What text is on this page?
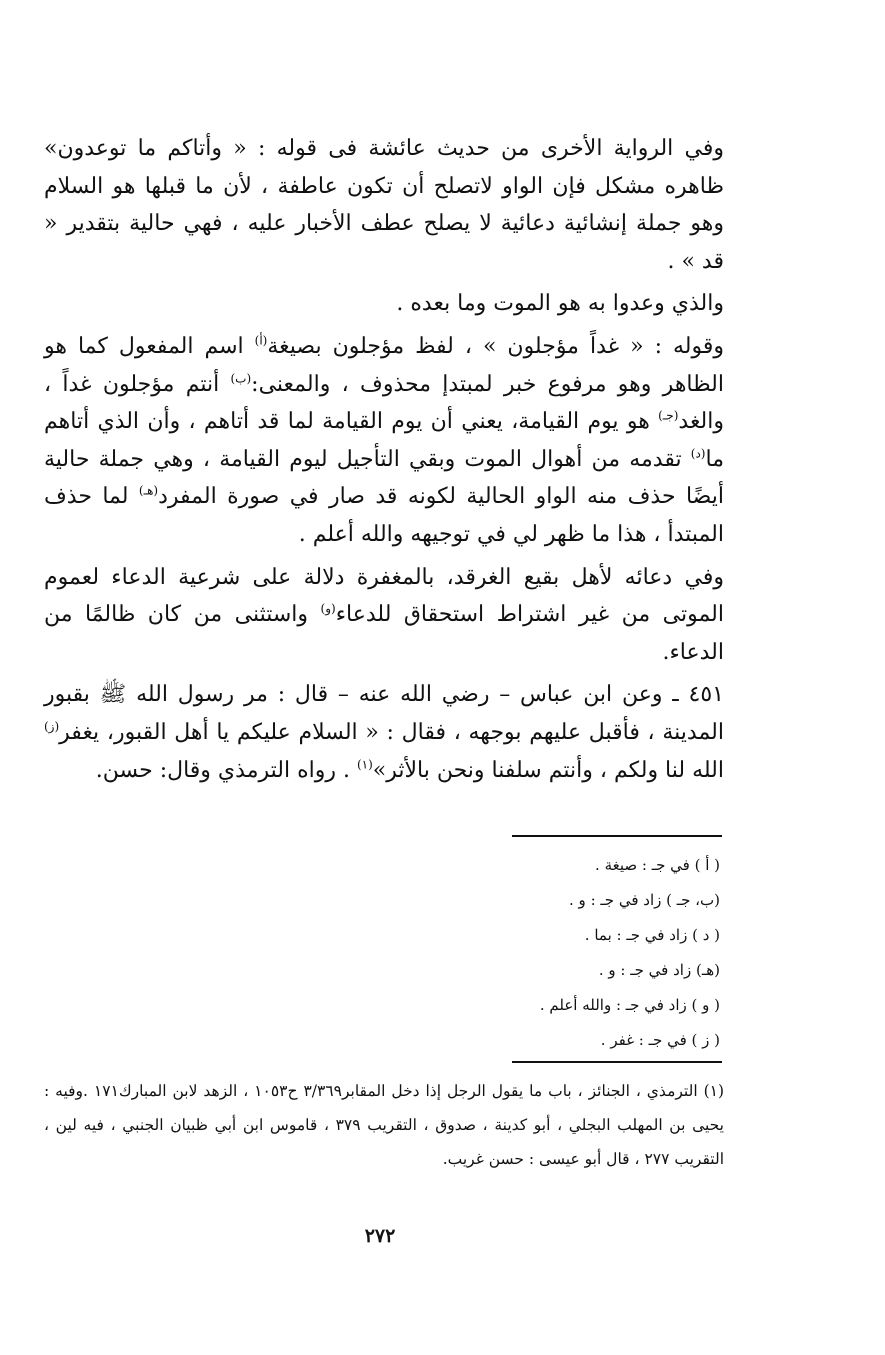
وفي الرواية الأخرى من حديث عائشة فى قوله : « وأتاكم ما توعدون» ظاهره مشكل فإن الواو لاتصلح أن تكون عاطفة ، لأن ما قبلها هو السلام وهو جملة إنشائية دعائية لا يصلح عطف الأخبار عليه ، فهي حالية بتقدير « قد » .

والذي وعدوا به هو الموت وما بعده .

وقوله : « غداً مؤجلون » ، لفظ مؤجلون بصيغة$^{(أ)}$ اسم المفعول كما هو الظاهر وهو مرفوع خبر لمبتدإ محذوف ، والمعنى:$^{(ب)}$ أنتم مؤجلون غداً ، والغد$^{(جـ)}$ هو يوم القيامة، يعني أن يوم القيامة لما قد أتاهم ، وأن الذي أتاهم ما$^{(د)}$ تقدمه من أهوال الموت وبقي التأجيل ليوم القيامة ، وهي جملة حالية أيضًا حذف منه الواو الحالية لكونه قد صار في صورة المفرد$^{(هـ)}$ لما حذف المبتدأ ، هذا ما ظهر لي في توجيهه والله أعلم .

وفي دعائه لأهل بقيع الغرقد، بالمغفرة دلالة على شرعية الدعاء لعموم الموتى من غير اشتراط استحقاق للدعاء$^{(و)}$ واستثنى من كان ظالمًا من الدعاء.

٤٥١ ـ وعن ابن عباس – رضي الله عنه – قال : مر رسول الله ﷺ بقبور المدينة ، فأقبل عليهم بوجهه ، فقال : « السلام عليكم يا أهل القبور، يغفر$^{(ز)}$ الله لنا ولكم ، وأنتم سلفنا ونحن بالأثر»$^{(١)}$ . رواه الترمذي وقال: حسن.

( أ ) في جـ : صيغة .
(ب، جـ ) زاد في جـ : و .
( د ) زاد في جـ : بما .
(هـ) زاد في جـ : و .
( و ) زاد في جـ : والله أعلم .
( ز ) في جـ : غفر .
(١) الترمذي ، الجنائز ، باب ما يقول الرجل إذا دخل المقابر٣/٣٦٩ ح١٠٥٣ ، الزهد لابن المبارك١٧١ .وفيه : يحيى بن المهلب البجلي ، أبو كدينة ، صدوق ، التقريب ٣٧٩ ، قاموس ابن أبي ظبيان الجنبي ، فيه لين ، التقريب ٢٧٧ ، قال أبو عيسى : حسن غريب.
٢٧٢
